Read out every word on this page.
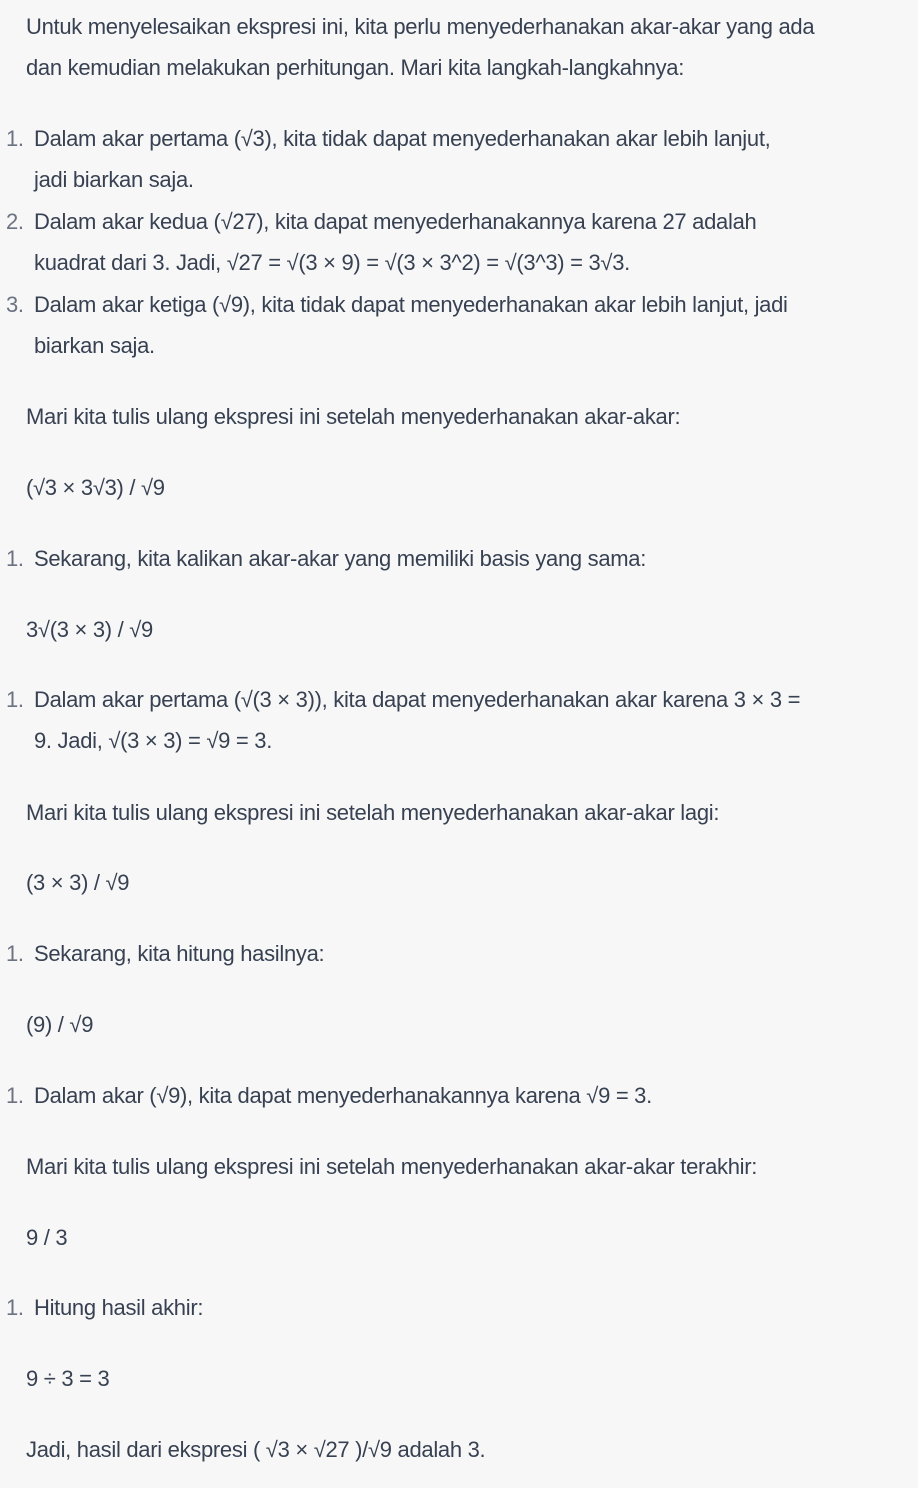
Untuk menyelesaikan ekspresi ini, kita perlu menyederhanakan akar-akar yang ada
dan kemudian melakukan perhitungan. Mari kita langkah-langkahnya:

1. Dalam akar pertama (√3), kita tidak dapat menyederhanakan akar lebih lanjut,
jadi biarkan saja.
2. Dalam akar kedua (√27), kita dapat menyederhanakannya karena 27 adalah
kuadrat dari 3. Jadi, √27 = √(3 × 9) = √(3 × 3^2) = √(3^3) = 3√3.
3. Dalam akar ketiga (√9), kita tidak dapat menyederhanakan akar lebih lanjut, jadi
biarkan saja.

Mari kita tulis ulang ekspresi ini setelah menyederhanakan akar-akar:

(√3 × 3√3) / √9

1. Sekarang, kita kalikan akar-akar yang memiliki basis yang sama:

3√(3 × 3) / √9

1. Dalam akar pertama (√(3 × 3)), kita dapat menyederhanakan akar karena 3 × 3 =
9. Jadi, √(3 × 3) = √9 = 3.

Mari kita tulis ulang ekspresi ini setelah menyederhanakan akar-akar lagi:

(3 × 3) / √9

1. Sekarang, kita hitung hasilnya:

(9) / √9

1. Dalam akar (√9), kita dapat menyederhanakannya karena √9 = 3.

Mari kita tulis ulang ekspresi ini setelah menyederhanakan akar-akar terakhir:

9 / 3

1. Hitung hasil akhir:

9 ÷ 3 = 3

Jadi, hasil dari ekspresi ( √3 × √27 )/√9 adalah 3.
